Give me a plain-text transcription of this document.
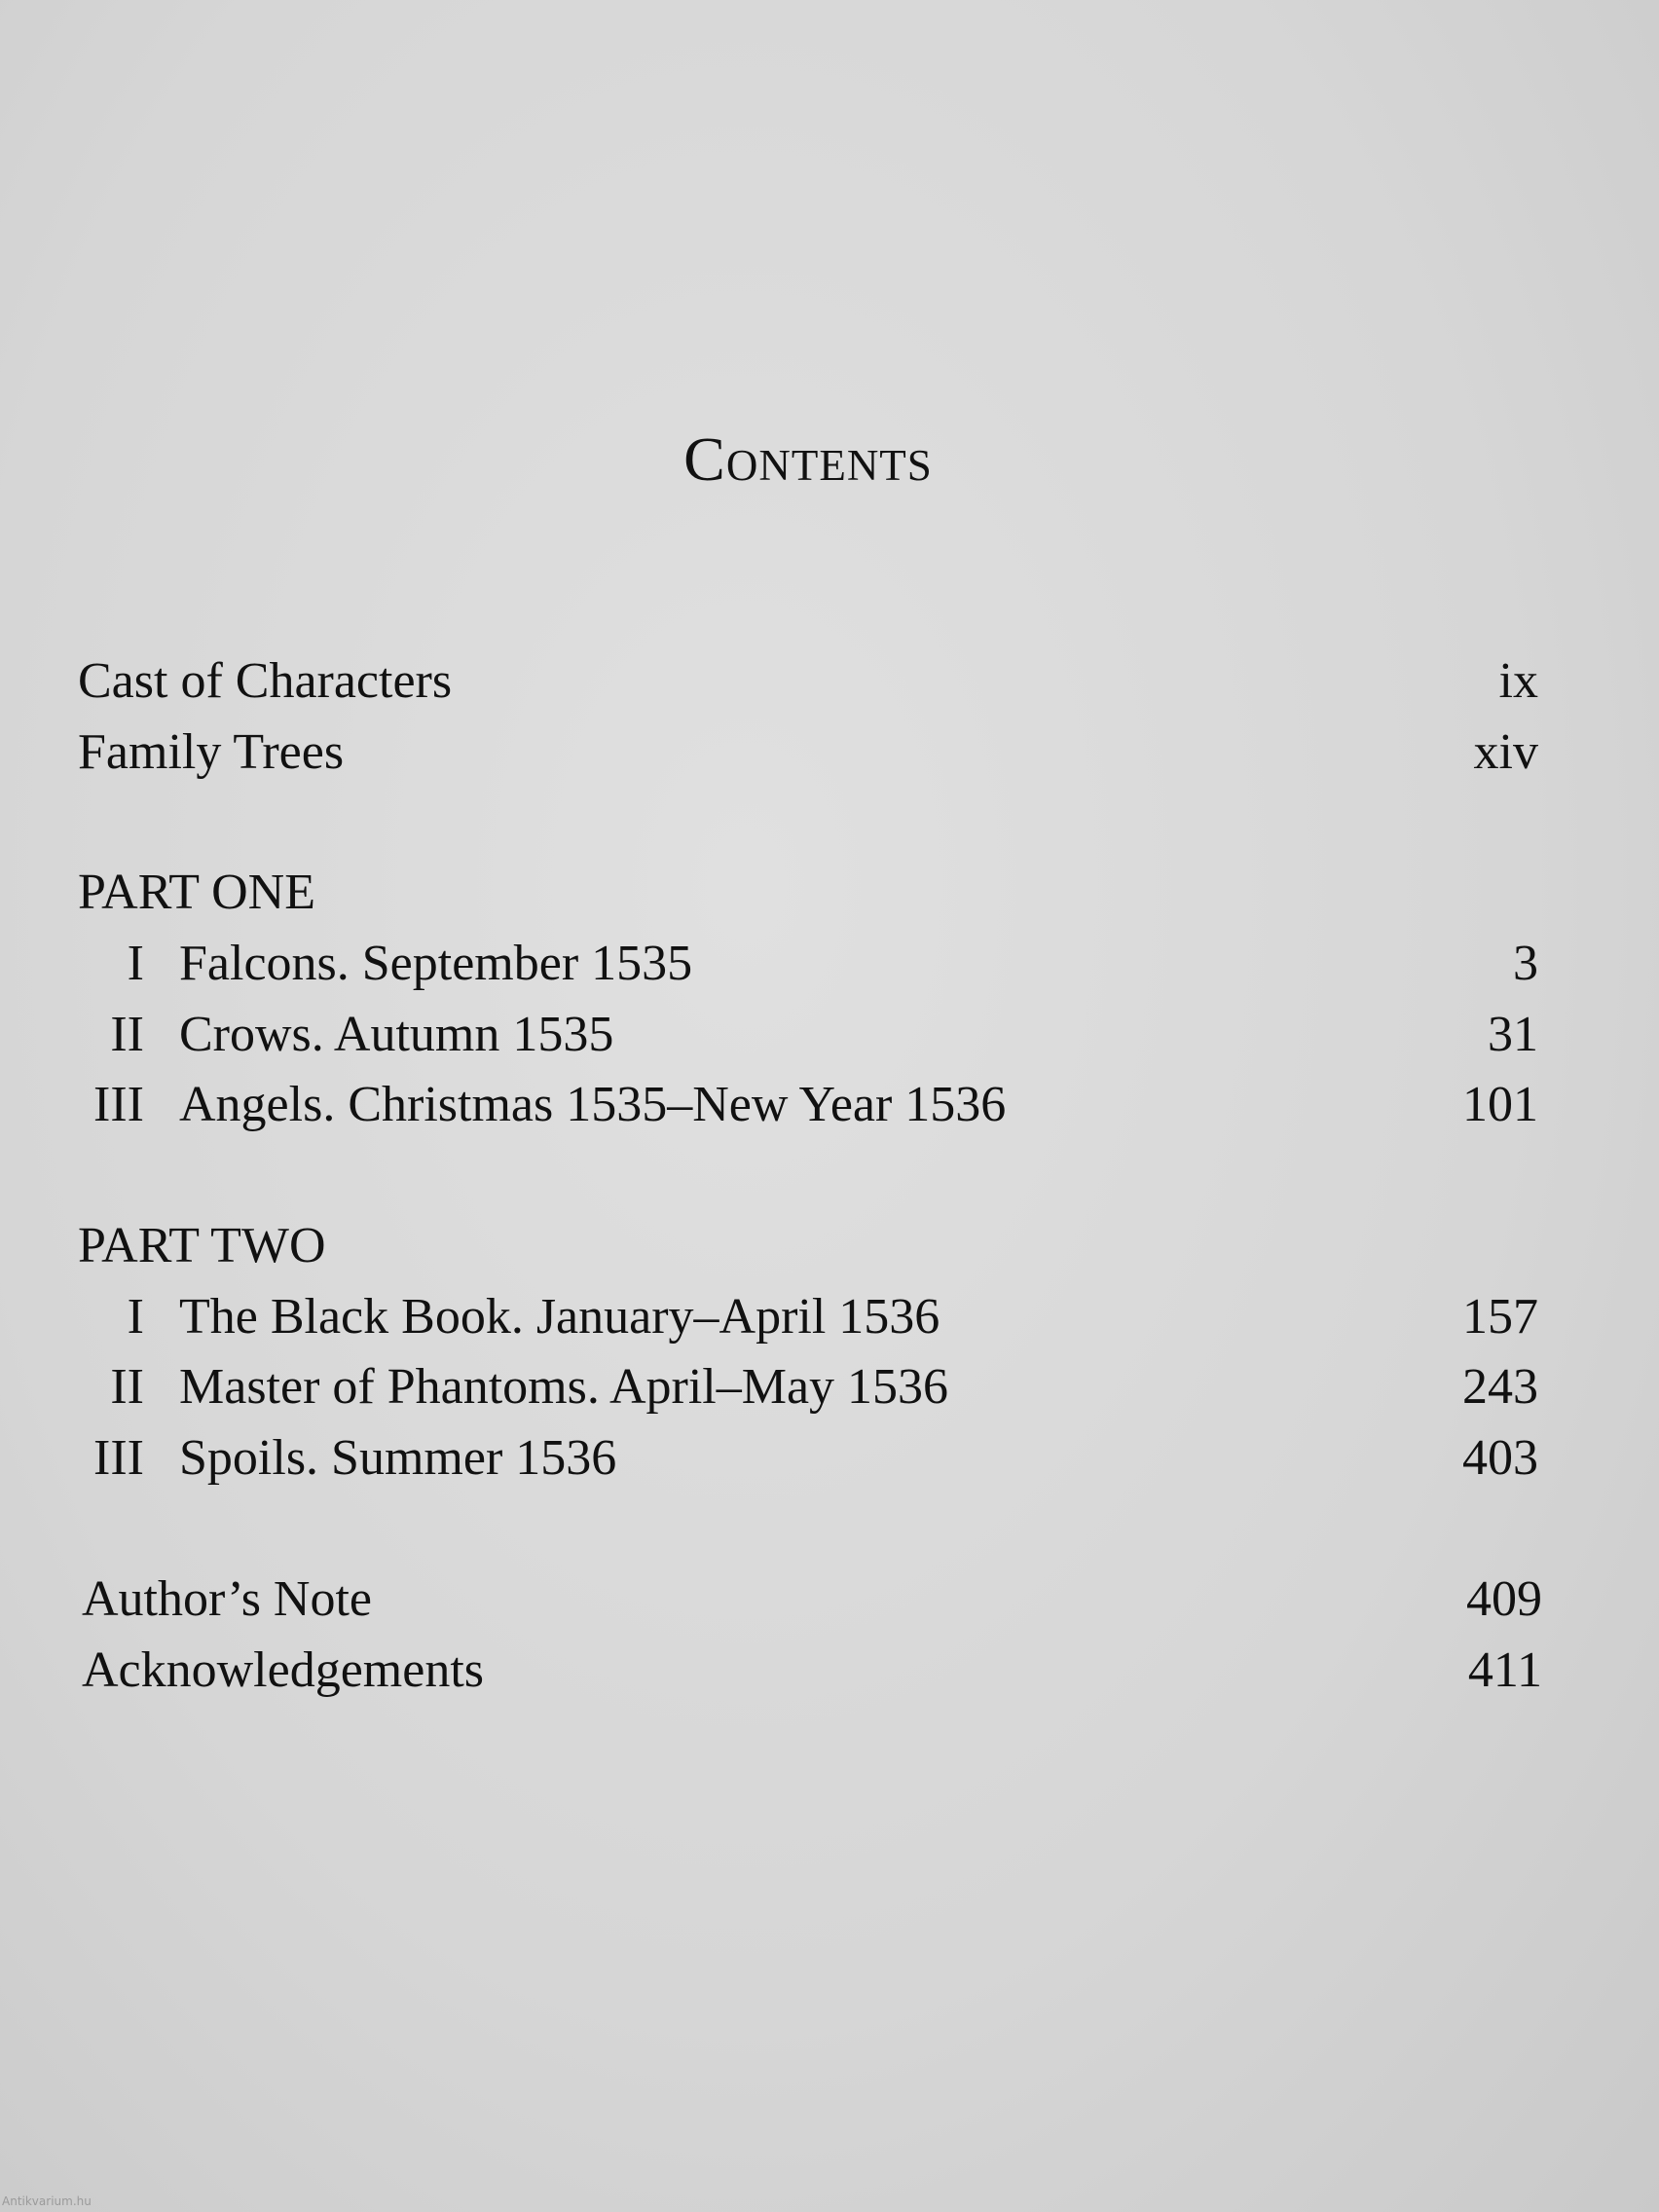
Contents
Cast of Characters	ix
Family Trees	xiv
PART ONE
I Falcons. September 1535	3
II Crows. Autumn 1535	31
III Angels. Christmas 1535–New Year 1536	101
PART TWO
I The Black Book. January–April 1536	157
II Master of Phantoms. April–May 1536	243
III Spoils. Summer 1536	403
Author’s Note	409
Acknowledgements	411
Antikvarium.hu
